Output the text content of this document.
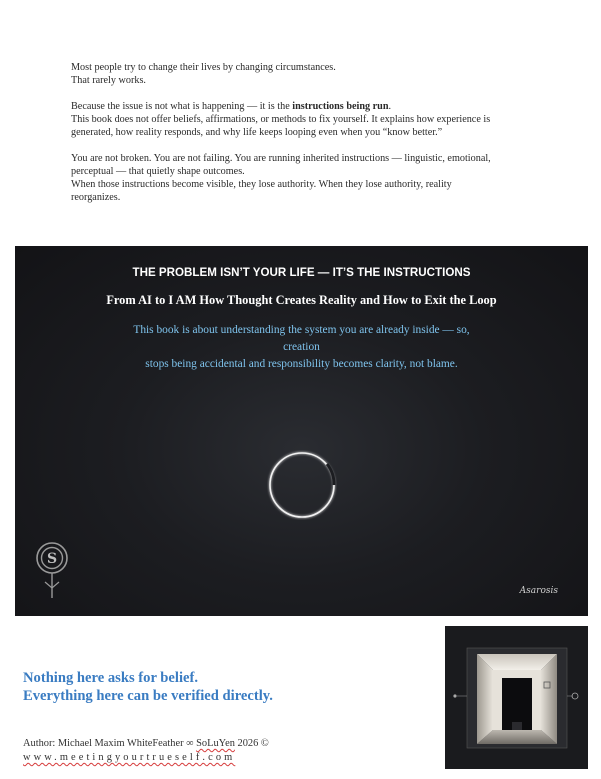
Most people try to change their lives by changing circumstances.
That rarely works.

Because the issue is not what is happening — it is the instructions being run.
This book does not offer beliefs, affirmations, or methods to fix yourself. It explains how experience is
generated, how reality responds, and why life keeps looping even when you “know better.”

You are not broken. You are not failing. You are running inherited instructions — linguistic, emotional,
perceptual — that quietly shape outcomes.
When those instructions become visible, they lose authority. When they lose authority, reality
reorganizes.

THE PROBLEM ISN’T YOUR LIFE — IT’S THE INSTRUCTIONS
From AI to I AM How Thought Creates Reality and How to Exit the Loop
This book is about understanding the system you are already inside — so, creation
stops being accidental and responsibility becomes clarity, not blame.
S
Asarosis
Nothing here asks for belief.
Everything here can be verified directly.
Author: Michael Maxim WhiteFeather ∞ SoLuYen 2026 ©
www.meetingyourtrueself.com
